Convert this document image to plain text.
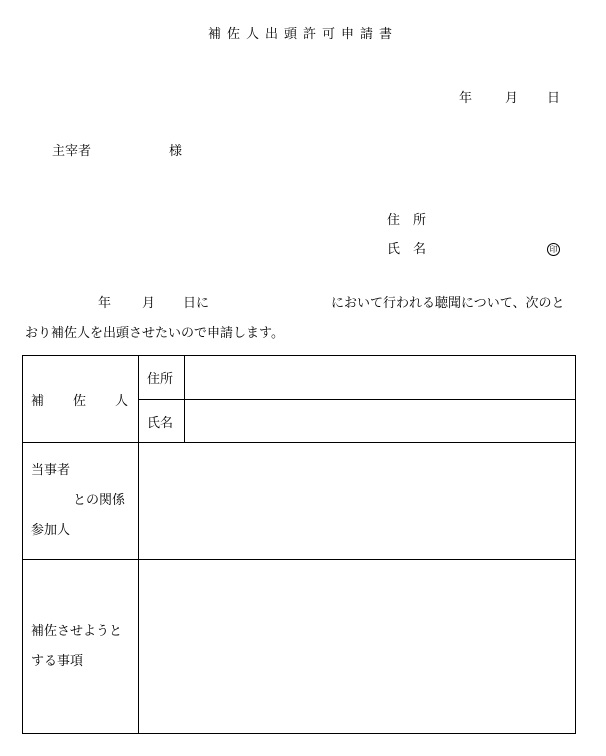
補佐人出頭許可申請書
年	月 日
主宰者	様
住　所
氏　名	印
年 月 日に	において行われる聴聞について、次のと
おり補佐人を出頭させたいので申請します。
補 佐 人	住所	
	氏名	

当事者
との関係
参加人		

補佐させようと
する事項		
